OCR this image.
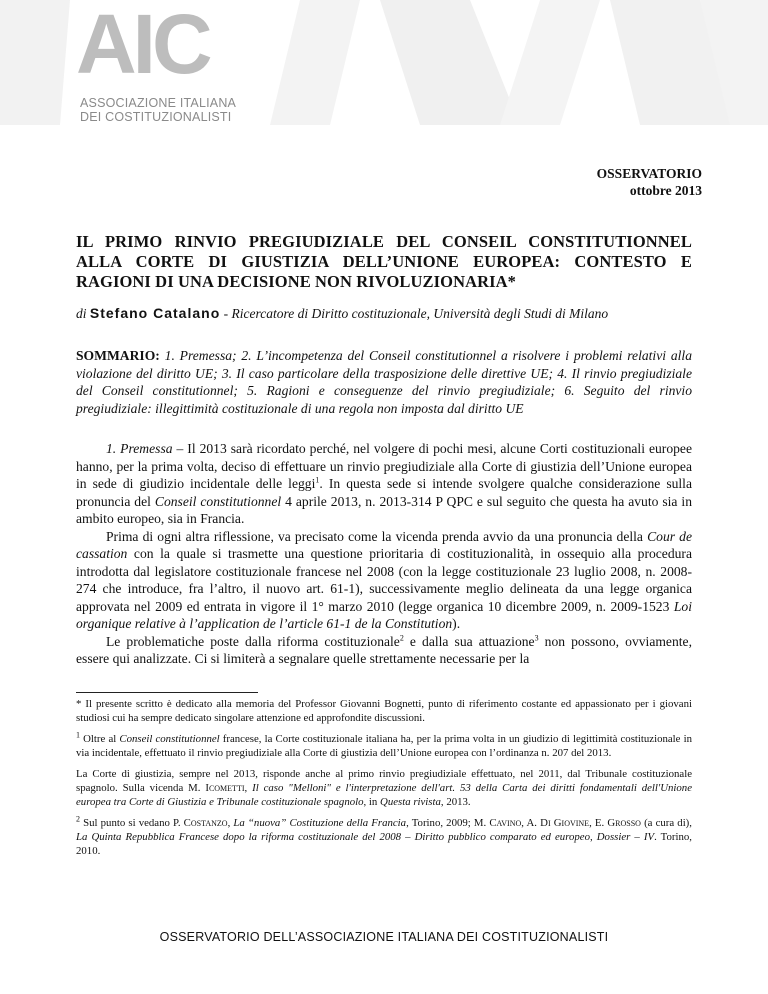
AIC
ASSOCIAZIONE ITALIANA
DEI COSTITUZIONALISTI
OSSERVATORIO
ottobre 2013
IL PRIMO RINVIO PREGIUDIZIALE DEL CONSEIL CONSTITUTIONNEL ALLA CORTE DI GIUSTIZIA DELL’UNIONE EUROPEA: CONTESTO E RAGIONI DI UNA DECISIONE NON RIVOLUZIONARIA*
di Stefano Catalano - Ricercatore di Diritto costituzionale, Università degli Studi di Milano
SOMMARIO: 1. Premessa; 2. L’incompetenza del Conseil constitutionnel a risolvere i problemi relativi alla violazione del diritto UE; 3. Il caso particolare della trasposizione delle direttive UE; 4. Il rinvio pregiudiziale del Conseil constitutionnel; 5. Ragioni e conseguenze del rinvio pregiudiziale; 6. Seguito del rinvio pregiudiziale: illegittimità costituzionale di una regola non imposta dal diritto UE

1. Premessa – Il 2013 sarà ricordato perché, nel volgere di pochi mesi, alcune Corti costituzionali europee hanno, per la prima volta, deciso di effettuare un rinvio pregiudiziale alla Corte di giustizia dell’Unione europea in sede di giudizio incidentale delle leggi$^1$. In questa sede si intende svolgere qualche considerazione sulla pronuncia del Conseil constitutionnel 4 aprile 2013, n. 2013-314 P QPC e sul seguito che questa ha avuto sia in ambito europeo, sia in Francia.

Prima di ogni altra riflessione, va precisato come la vicenda prenda avvio da una pronuncia della Cour de cassation con la quale si trasmette una questione prioritaria di costituzionalità, in ossequio alla procedura introdotta dal legislatore costituzionale francese nel 2008 (con la legge costituzionale 23 luglio 2008, n. 2008-274 che introduce, fra l’altro, il nuovo art. 61-1), successivamente meglio delineata da una legge organica approvata nel 2009 ed entrata in vigore il 1° marzo 2010 (legge organica 10 dicembre 2009, n. 2009-1523 Loi organique relative à l’application de l’article 61-1 de la Constitution).

Le problematiche poste dalla riforma costituzionale$^2$ e dalla sua attuazione$^3$ non possono, ovviamente, essere qui analizzate. Ci si limiterà a segnalare quelle strettamente necessarie per la

* Il presente scritto è dedicato alla memoria del Professor Giovanni Bognetti, punto di riferimento costante ed appassionato per i giovani studiosi cui ha sempre dedicato singolare attenzione ed approfondite discussioni.

$^1$ Oltre al Conseil constitutionnel francese, la Corte costituzionale italiana ha, per la prima volta in un giudizio di legittimità costituzionale in via incidentale, effettuato il rinvio pregiudiziale alla Corte di giustizia dell’Unione europea con l’ordinanza n. 207 del 2013.

La Corte di giustizia, sempre nel 2013, risponde anche al primo rinvio pregiudiziale effettuato, nel 2011, dal Tribunale costituzionale spagnolo. Sulla vicenda M. Icometti, Il caso "Melloni" e l'interpretazione dell'art. 53 della Carta dei diritti fondamentali dell'Unione europea tra Corte di Giustizia e Tribunale costituzionale spagnolo, in Questa rivista, 2013.

$^2$ Sul punto si vedano P. Costanzo, La “nuova” Costituzione della Francia, Torino, 2009; M. Cavino, A. Di Giovine, E. Grosso (a cura di), La Quinta Repubblica Francese dopo la riforma costituzionale del 2008 – Diritto pubblico comparato ed europeo, Dossier – IV. Torino, 2010.

OSSERVATORIO DELL’ASSOCIAZIONE ITALIANA DEI COSTITUZIONALISTI
